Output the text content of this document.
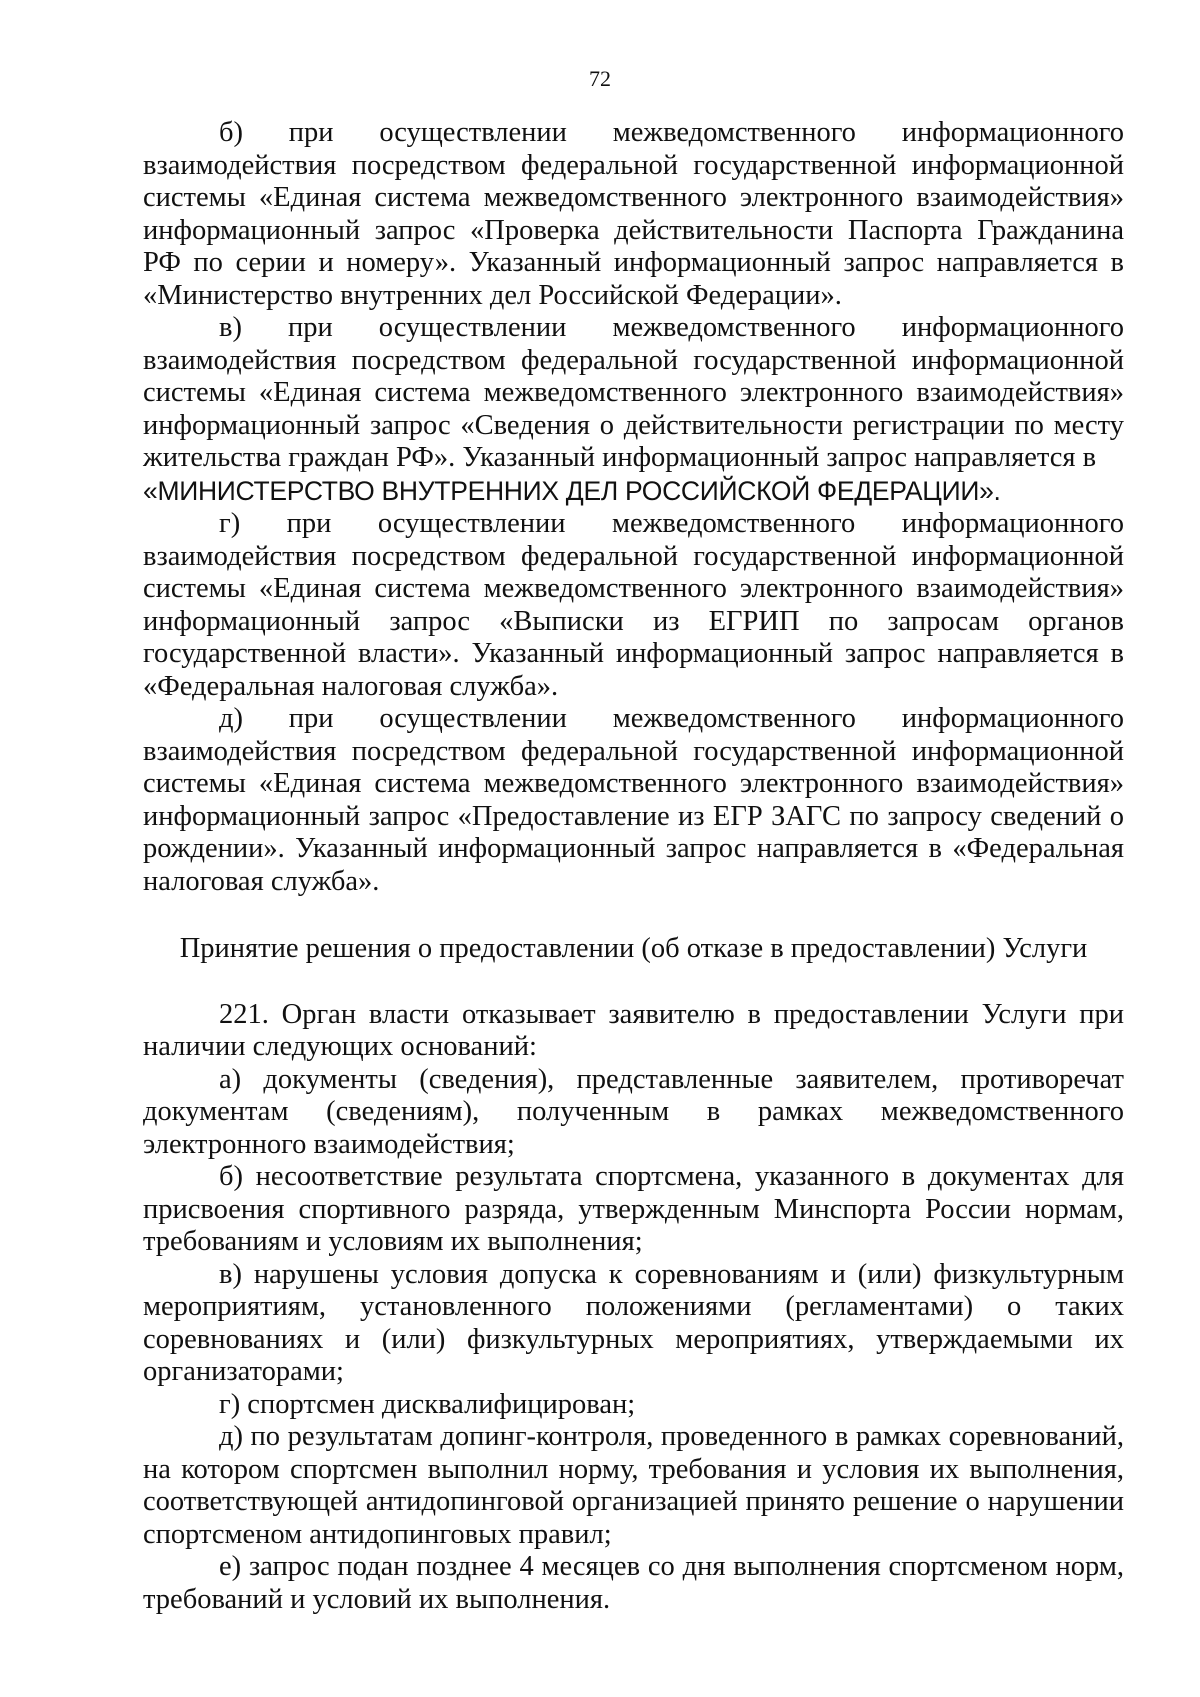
72

б) при осуществлении межведомственного информационного взаимодействия посредством федеральной государственной информационной системы «Единая система межведомственного электронного взаимодействия» информационный запрос «Проверка действительности Паспорта Гражданина РФ по серии и номеру». Указанный информационный запрос направляется в «Министерство внутренних дел Российской Федерации».

в) при осуществлении межведомственного информационного взаимодействия посредством федеральной государственной информационной системы «Единая система межведомственного электронного взаимодействия» информационный запрос «Сведения о действительности регистрации по месту жительства граждан РФ». Указанный информационный запрос направляется в

«МИНИСТЕРСТВО ВНУТРЕННИХ ДЕЛ РОССИЙСКОЙ ФЕДЕРАЦИИ».

г) при осуществлении межведомственного информационного взаимодействия посредством федеральной государственной информационной системы «Единая система межведомственного электронного взаимодействия» информационный запрос «Выписки из ЕГРИП по запросам органов государственной власти». Указанный информационный запрос направляется в «Федеральная налоговая служба».

д) при осуществлении межведомственного информационного взаимодействия посредством федеральной государственной информационной системы «Единая система межведомственного электронного взаимодействия» информационный запрос «Предоставление из ЕГР ЗАГС по запросу сведений о рождении». Указанный информационный запрос направляется в «Федеральная налоговая служба».

Принятие решения о предоставлении (об отказе в предоставлении) Услуги

221. Орган власти отказывает заявителю в предоставлении Услуги при наличии следующих оснований:

а) документы (сведения), представленные заявителем, противоречат документам (сведениям), полученным в рамках межведомственного электронного взаимодействия;

б) несоответствие результата спортсмена, указанного в документах для присвоения спортивного разряда, утвержденным Минспорта России нормам, требованиям и условиям их выполнения;

в) нарушены условия допуска к соревнованиям и (или) физкультурным мероприятиям, установленного положениями (регламентами) о таких соревнованиях и (или) физкультурных мероприятиях, утверждаемыми их организаторами;

г) спортсмен дисквалифицирован;

д) по результатам допинг-контроля, проведенного в рамках соревнований, на котором спортсмен выполнил норму, требования и условия их выполнения, соответствующей антидопинговой организацией принято решение о нарушении спортсменом антидопинговых правил;

е) запрос подан позднее 4 месяцев со дня выполнения спортсменом норм, требований и условий их выполнения.
